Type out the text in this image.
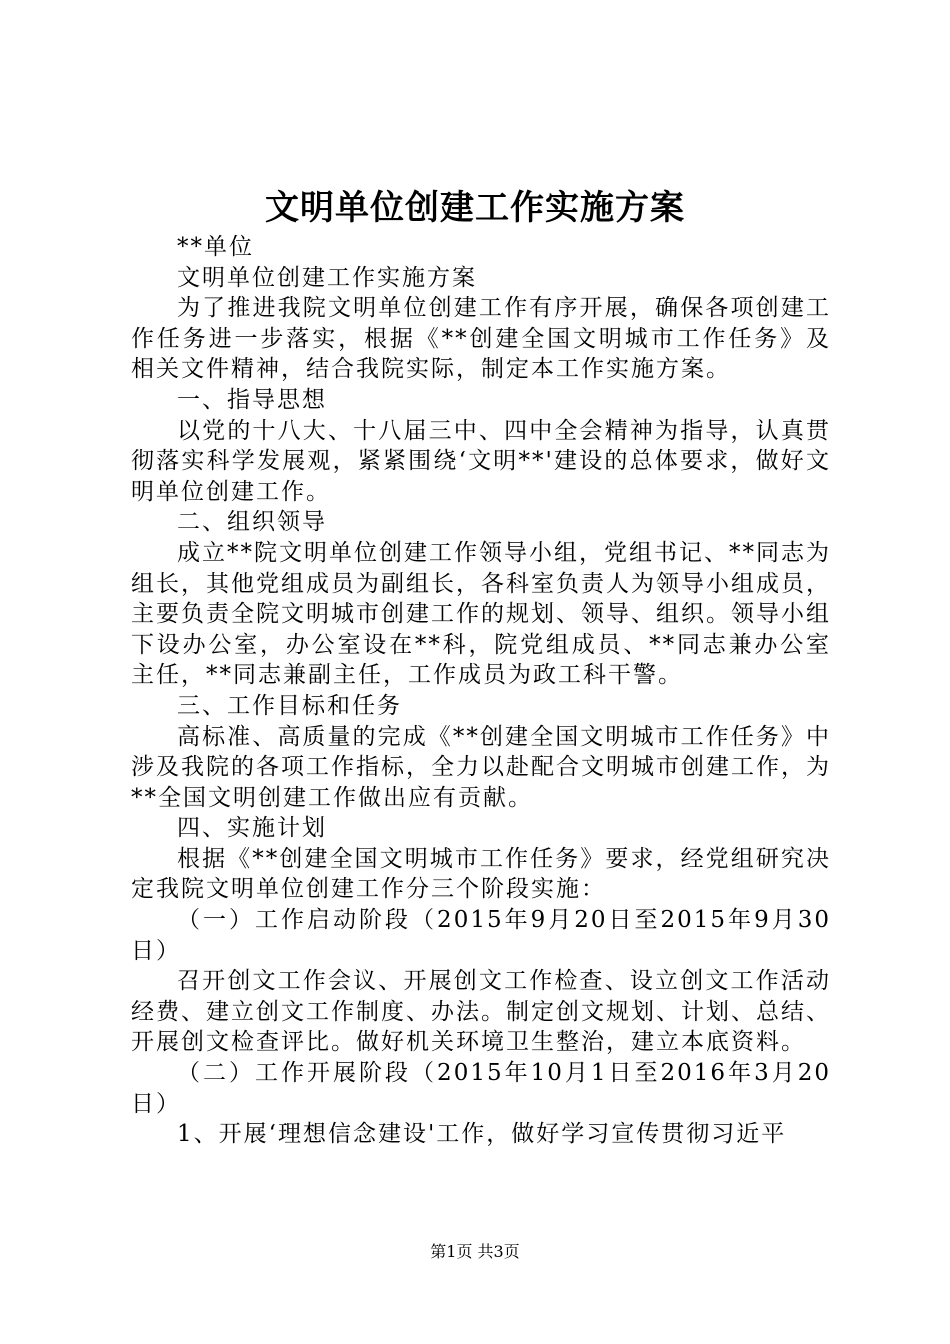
文明单位创建工作实施方案

**单位

文明单位创建工作实施方案

为了推进我院文明单位创建工作有序开展，确保各项创建工作任务进一步落实，根据《**创建全国文明城市工作任务》及相关文件精神，结合我院实际，制定本工作实施方案。

一、指导思想

以党的十八大、十八届三中、四中全会精神为指导，认真贯彻落实科学发展观，紧紧围绕‘文明**'建设的总体要求，做好文明单位创建工作。

二、组织领导

成立**院文明单位创建工作领导小组，党组书记、**同志为组长，其他党组成员为副组长，各科室负责人为领导小组成员，主要负责全院文明城市创建工作的规划、领导、组织。领导小组下设办公室，办公室设在**科，院党组成员、**同志兼办公室主任，**同志兼副主任，工作成员为政工科干警。

三、工作目标和任务

高标准、高质量的完成《**创建全国文明城市工作任务》中涉及我院的各项工作指标，全力以赴配合文明城市创建工作，为**全国文明创建工作做出应有贡献。

四、实施计划

根据《**创建全国文明城市工作任务》要求，经党组研究决定我院文明单位创建工作分三个阶段实施：

（一）工作启动阶段（2015年9月20日至2015年9月30日）

召开创文工作会议、开展创文工作检查、设立创文工作活动经费、建立创文工作制度、办法。制定创文规划、计划、总结、开展创文检查评比。做好机关环境卫生整治，建立本底资料。

（二）工作开展阶段（2015年10月1日至2016年3月20日）

1、开展‘理想信念建设'工作，做好学习宣传贯彻习近平

第1页 共3页
